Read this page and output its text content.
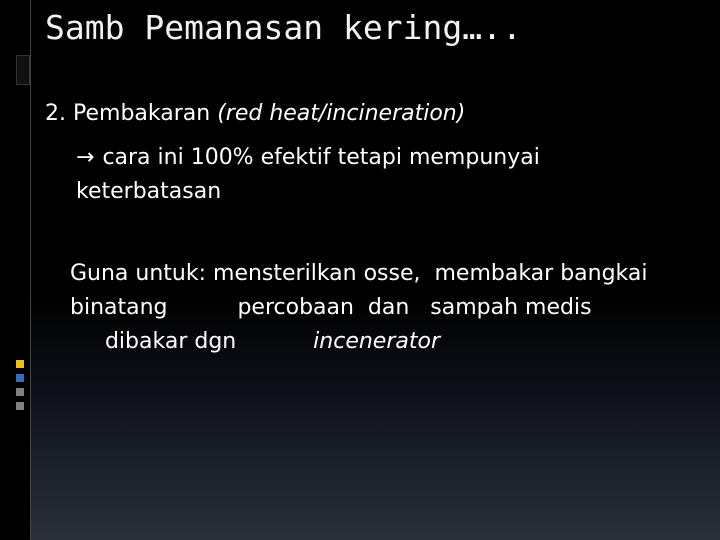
Samb Pemanasan kering…..
2. Pembakaran (red heat/incineration)
→ cara ini 100% efektif tetapi mempunyai keterbatasan
Guna untuk: mensterilkan osse,  membakar bangkai
binatang          percobaan  dan   sampah medis
dibakar dgn           incenerator
